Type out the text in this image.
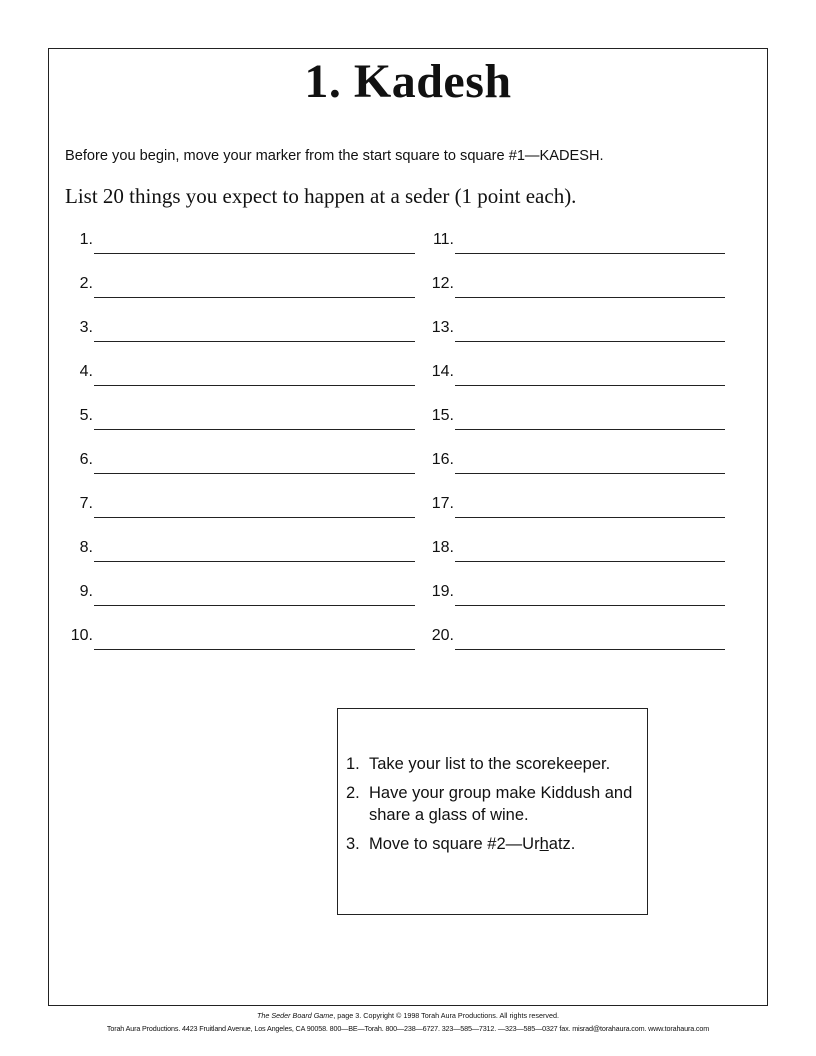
1. Kadesh

Before you begin, move your marker from the start square to square #1—KADESH.

List 20 things you expect to happen at a seder (1 point each).

1.
2.
3.
4.
5.
6.
7.
8.
9.
10.
11.
12.
13.
14.
15.
16.
17.
18.
19.
20.
1. Take your list to the scorekeeper.
2. Have your group make Kiddush and share a glass of wine.
3. Move to square #2—Urhatz.

The Seder Board Game, page 3. Copyright © 1998 Torah Aura Productions. All rights reserved.

Torah Aura Productions. 4423 Fruitland Avenue, Los Angeles, CA 90058. 800—BE—Torah. 800—238—6727. 323—585—7312. —323—585—0327 fax. misrad@torahaura.com. www.torahaura.com
